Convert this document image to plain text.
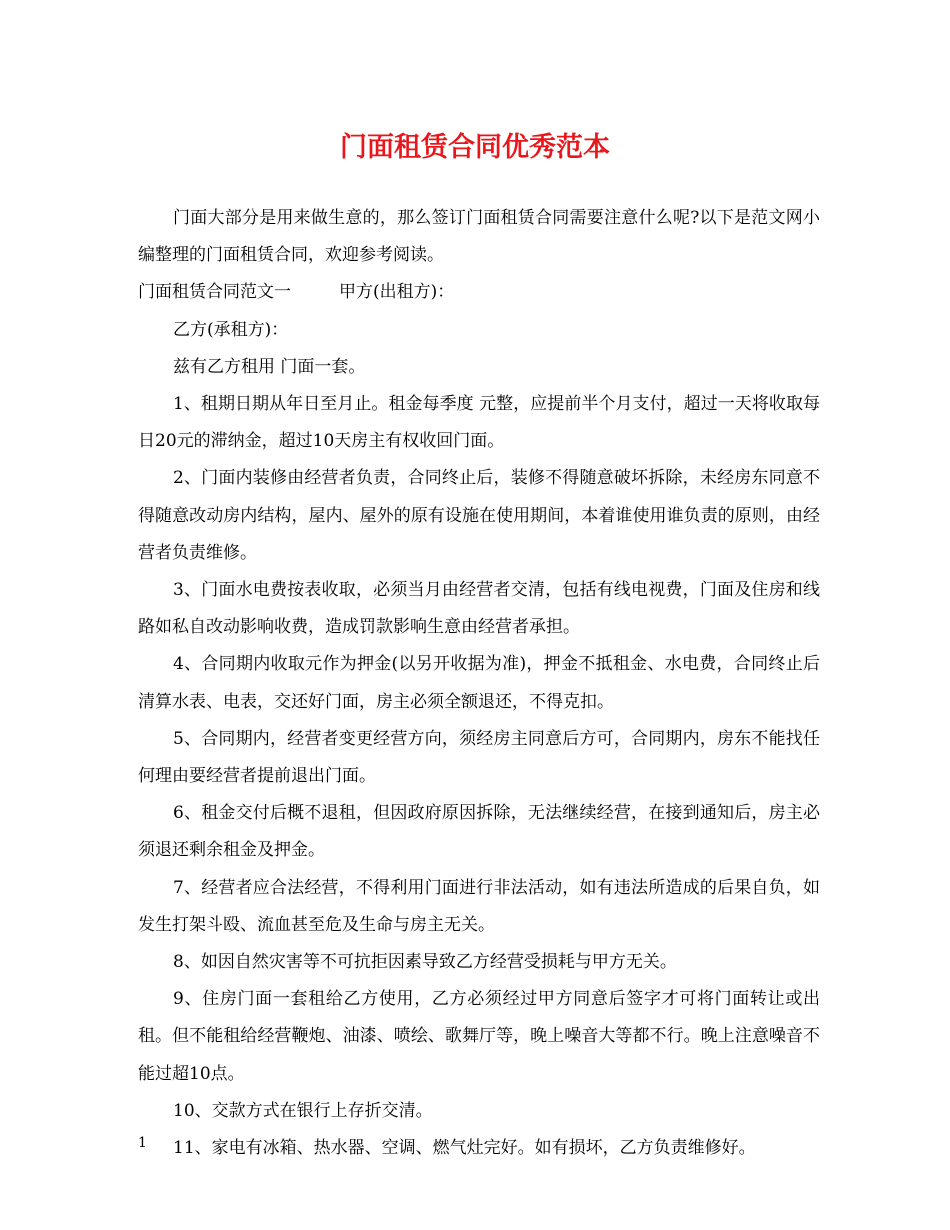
门面租赁合同优秀范本

门面大部分是用来做生意的，那么签订门面租赁合同需要注意什么呢?以下是范文网小编整理的门面租赁合同，欢迎参考阅读。

门面租赁合同范文一	甲方(出租方)：

乙方(承租方)：

兹有乙方租用 门面一套。

1、租期日期从年日至月止。租金每季度 元整，应提前半个月支付，超过一天将收取每日20元的滞纳金，超过10天房主有权收回门面。

2、门面内装修由经营者负责，合同终止后，装修不得随意破坏拆除，未经房东同意不得随意改动房内结构，屋内、屋外的原有设施在使用期间，本着谁使用谁负责的原则，由经营者负责维修。

3、门面水电费按表收取，必须当月由经营者交清，包括有线电视费，门面及住房和线路如私自改动影响收费，造成罚款影响生意由经营者承担。

4、合同期内收取元作为押金(以另开收据为准)，押金不抵租金、水电费，合同终止后清算水表、电表，交还好门面，房主必须全额退还，不得克扣。

5、合同期内，经营者变更经营方向，须经房主同意后方可，合同期内，房东不能找任何理由要经营者提前退出门面。

6、租金交付后概不退租，但因政府原因拆除，无法继续经营，在接到通知后，房主必须退还剩余租金及押金。

7、经营者应合法经营，不得利用门面进行非法活动，如有违法所造成的后果自负，如发生打架斗殴、流血甚至危及生命与房主无关。

8、如因自然灾害等不可抗拒因素导致乙方经营受损耗与甲方无关。

9、住房门面一套租给乙方使用，乙方必须经过甲方同意后签字才可将门面转让或出租。但不能租给经营鞭炮、油漆、喷绘、歌舞厅等，晚上噪音大等都不行。晚上注意噪音不能过超10点。

10、交款方式在银行上存折交清。

11、家电有冰箱、热水器、空调、燃气灶完好。如有损坏，乙方负责维修好。

1
